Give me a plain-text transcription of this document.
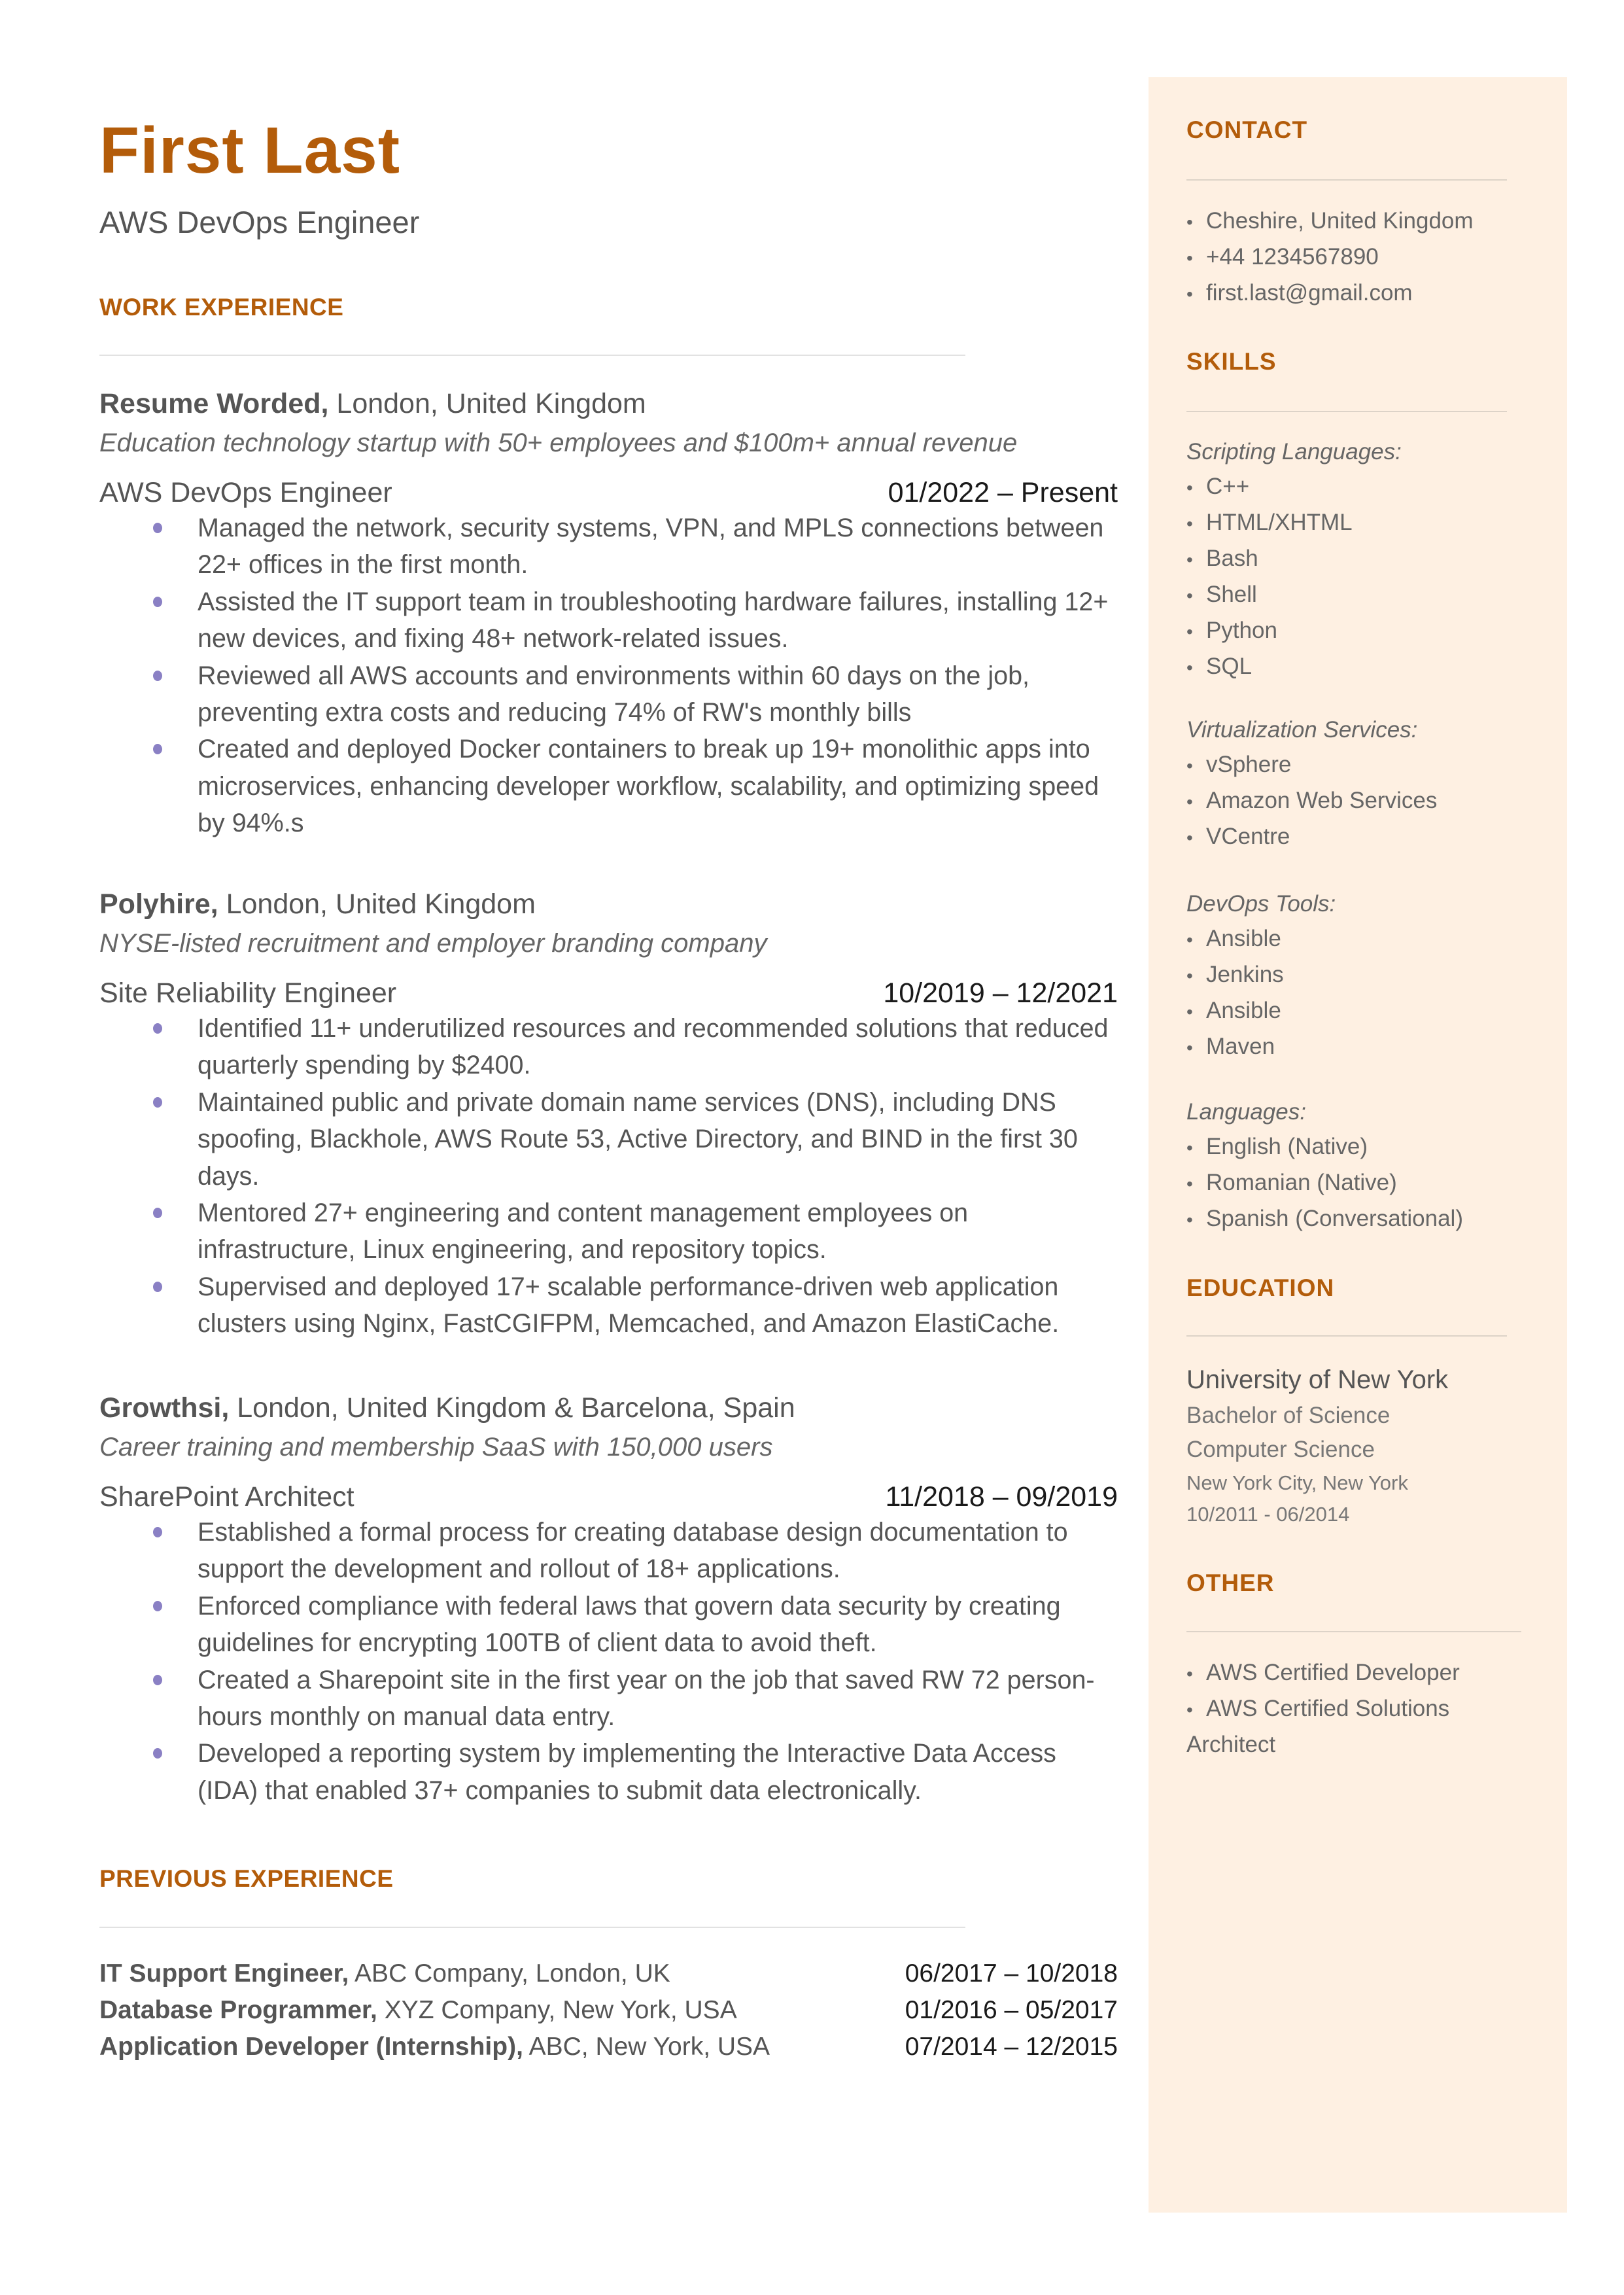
First Last
AWS DevOps Engineer
WORK EXPERIENCE
Resume Worded, London, United Kingdom
Education technology startup with 50+ employees and $100m+ annual revenue
AWS DevOps Engineer	01/2022 – Present
Managed the network, security systems, VPN, and MPLS connections between 22+ offices in the first month.
Assisted the IT support team in troubleshooting hardware failures, installing 12+ new devices, and fixing 48+ network-related issues.
Reviewed all AWS accounts and environments within 60 days on the job, preventing extra costs and reducing 74% of RW's monthly bills
Created and deployed Docker containers to break up 19+ monolithic apps into microservices, enhancing developer workflow, scalability, and optimizing speed by 94%.s
Polyhire, London, United Kingdom
NYSE-listed recruitment and employer branding company
Site Reliability Engineer	10/2019 – 12/2021
Identified 11+ underutilized resources and recommended solutions that reduced quarterly spending by $2400.
Maintained public and private domain name services (DNS), including DNS spoofing, Blackhole, AWS Route 53, Active Directory, and BIND in the first 30 days.
Mentored 27+ engineering and content management employees on infrastructure, Linux engineering, and repository topics.
Supervised and deployed 17+ scalable performance-driven web application clusters using Nginx, FastCGIFPM, Memcached, and Amazon ElastiCache.
Growthsi, London, United Kingdom & Barcelona, Spain
Career training and membership SaaS with 150,000 users
SharePoint Architect	11/2018 – 09/2019
Established a formal process for creating database design documentation to support the development and rollout of 18+ applications.
Enforced compliance with federal laws that govern data security by creating guidelines for encrypting 100TB of client data to avoid theft.
Created a Sharepoint site in the first year on the job that saved RW 72 person-hours monthly on manual data entry.
Developed a reporting system by implementing the Interactive Data Access (IDA) that enabled 37+ companies to submit data electronically.
PREVIOUS EXPERIENCE
IT Support Engineer, ABC Company, London, UK	06/2017 – 10/2018
Database Programmer, XYZ Company, New York, USA	01/2016 – 05/2017
Application Developer (Internship), ABC, New York, USA	07/2014 – 12/2015
CONTACT
• Cheshire, United Kingdom
• +44 1234567890
• first.last@gmail.com
SKILLS
Scripting Languages:
• C++
• HTML/XHTML
• Bash
• Shell
• Python
• SQL
Virtualization Services:
• vSphere
• Amazon Web Services
• VCentre
DevOps Tools:
• Ansible
• Jenkins
• Ansible
• Maven
Languages:
• English (Native)
• Romanian (Native)
• Spanish (Conversational)
EDUCATION
University of New York
Bachelor of Science
Computer Science
New York City, New York
10/2011 - 06/2014
OTHER
• AWS Certified Developer
• AWS Certified Solutions
Architect
